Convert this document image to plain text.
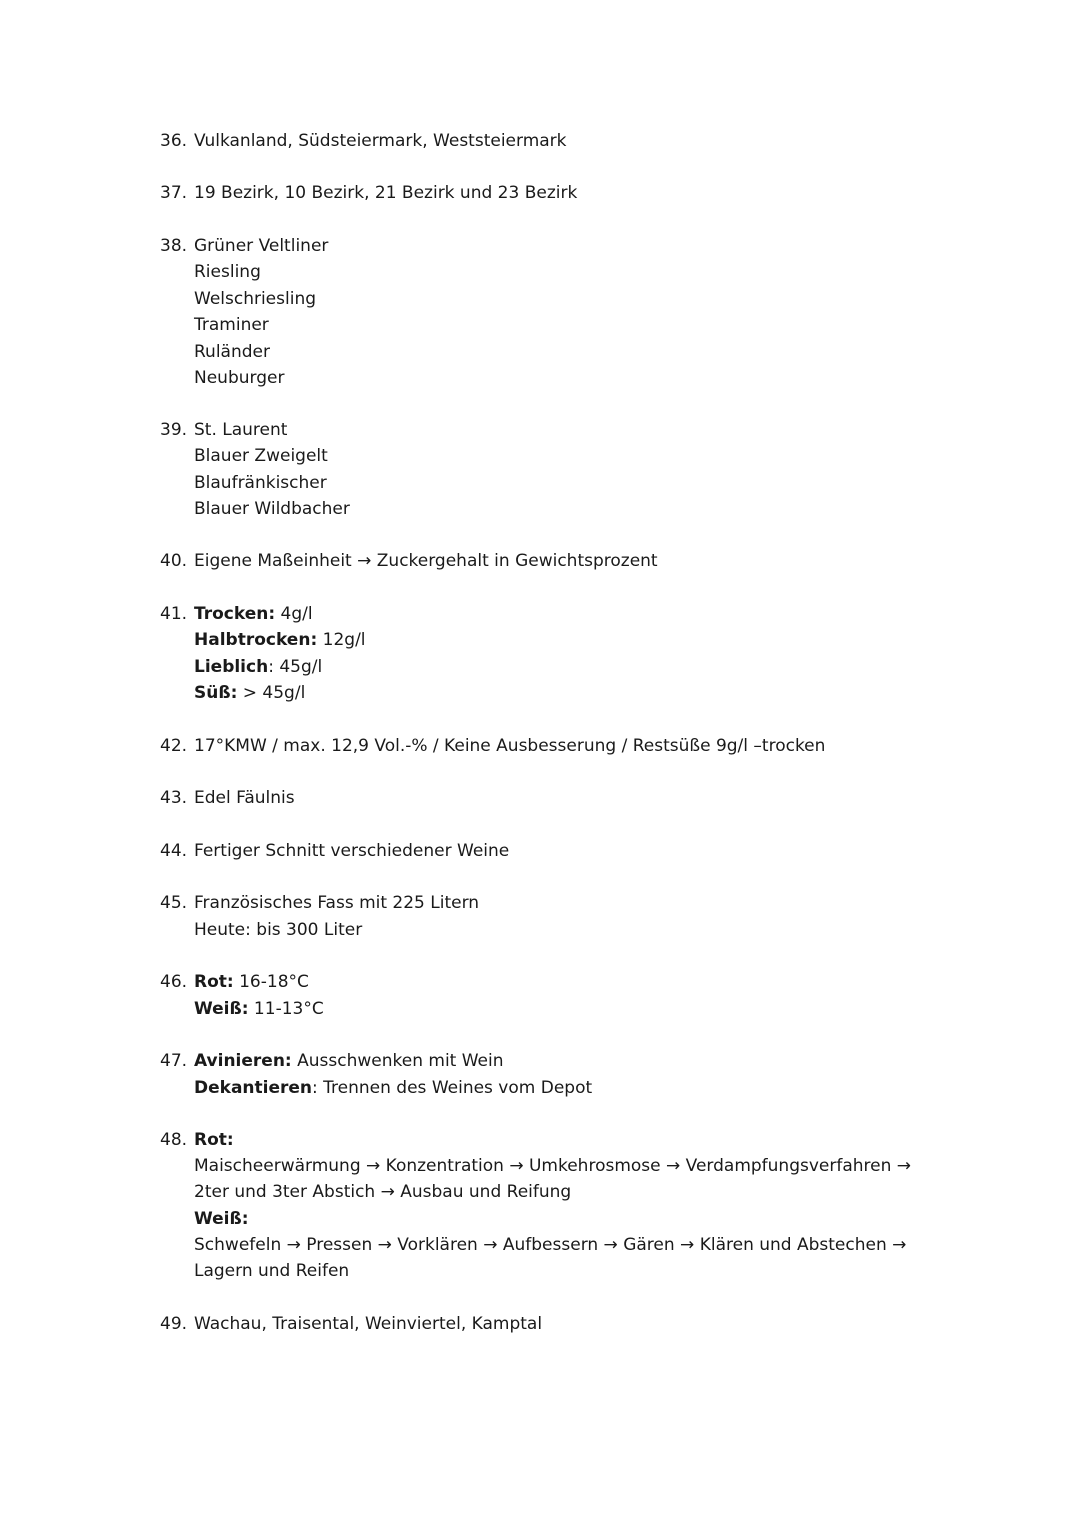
36. Vulkanland, Südsteiermark, Weststeiermark
37. 19 Bezirk, 10 Bezirk, 21 Bezirk und 23 Bezirk
38. Grüner Veltliner
Riesling
Welschriesling
Traminer
Ruländer
Neuburger
39. St. Laurent
Blauer Zweigelt
Blaufränkischer
Blauer Wildbacher
40. Eigene Maßeinheit → Zuckergehalt in Gewichtsprozent
41. Trocken: 4g/l
Halbtrocken: 12g/l
Lieblich: 45g/l
Süß: > 45g/l
42. 17°KMW / max. 12,9 Vol.-% / Keine Ausbesserung / Restsüße 9g/l –trocken
43. Edel Fäulnis
44. Fertiger Schnitt verschiedener Weine
45. Französisches Fass mit 225 Litern
Heute: bis 300 Liter
46. Rot: 16-18°C
Weiß: 11-13°C
47. Avinieren: Ausschwenken mit Wein
Dekantieren: Trennen des Weines vom Depot
48. Rot:
Maischeerwärmung → Konzentration → Umkehrosmose → Verdampfungsverfahren →
2ter und 3ter Abstich → Ausbau und Reifung
Weiß:
Schwefeln → Pressen → Vorklären → Aufbessern → Gären → Klären und Abstechen →
Lagern und Reifen
49. Wachau, Traisental, Weinviertel, Kamptal
